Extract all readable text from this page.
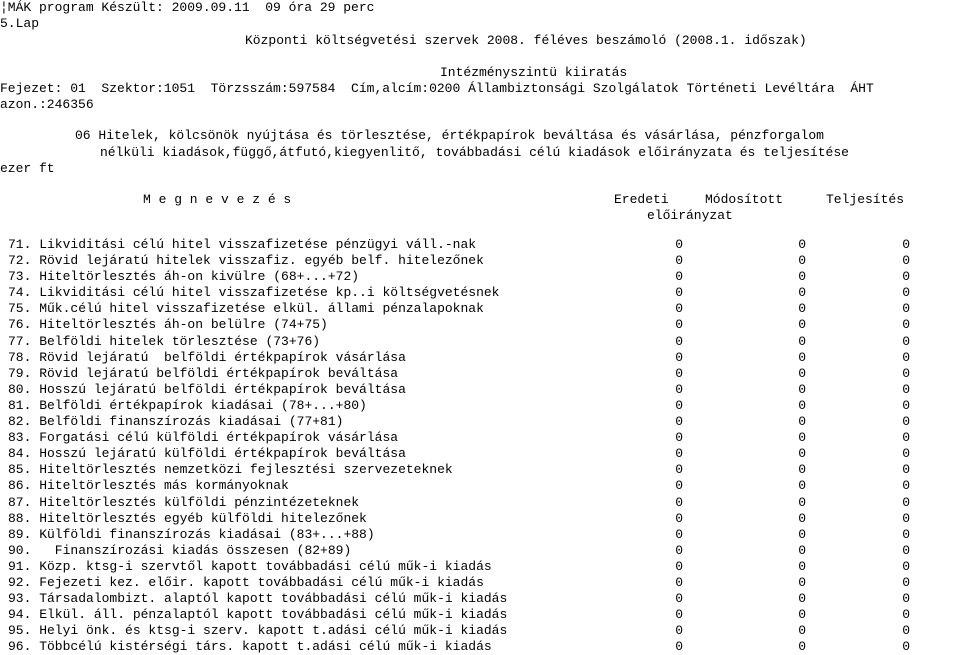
¦MÁK program Készült: 2009.09.11  09 óra 29 perc
5.Lap
Központi költségvetési szervek 2008. féléves beszámoló (2008.1. időszak)
Intézményszintü kiiratás
Fejezet: 01  Szektor:1051  Törzsszám:597584  Cím,alcím:0200 Állambiztonsági Szolgálatok Történeti Levéltára  ÁHT
azon.:246356
06 Hitelek, kölcsönök nyújtása és törlesztése, értékpapírok beváltása és vásárlása, pénzforgalom
nélküli kiadások,függő,átfutó,kiegyenlitő, továbbadási célú kiadások előirányzata és teljesítése
ezer ft
M e g n e v e z é s	Eredeti	Módosított	Teljesítés
előirányzat
71. Likviditási célú hitel visszafizetése pénzügyi váll.-nak	0	0	0
72. Rövid lejáratú hitelek visszafiz. egyéb belf. hitelezőnek	0	0	0
73. Hiteltörlesztés áh-on kivülre (68+...+72)	0	0	0
74. Likviditási célú hitel visszafizetése kp..i költségvetésnek	0	0	0
75. Műk.célú hitel visszafizetése elkül. állami pénzalapoknak	0	0	0
76. Hiteltörlesztés áh-on belülre (74+75)	0	0	0
77. Belföldi hitelek törlesztése (73+76)	0	0	0
78. Rövid lejáratú  belföldi értékpapírok vásárlása	0	0	0
79. Rövid lejáratú belföldi értékpapírok beváltása	0	0	0
80. Hosszú lejáratú belföldi értékpapírok beváltása	0	0	0
81. Belföldi értékpapírok kiadásai (78+...+80)	0	0	0
82. Belföldi finanszírozás kiadásai (77+81)	0	0	0
83. Forgatási célú külföldi értékpapírok vásárlása	0	0	0
84. Hosszú lejáratú külföldi értékpapírok beváltása	0	0	0
85. Hiteltörlesztés nemzetközi fejlesztési szervezeteknek	0	0	0
86. Hiteltörlesztés más kormányoknak	0	0	0
87. Hiteltörlesztés külföldi pénzintézeteknek	0	0	0
88. Hiteltörlesztés egyéb külföldi hitelezőnek	0	0	0
89. Külföldi finanszírozás kiadásai (83+...+88)	0	0	0
90.   Finanszírozási kiadás összesen (82+89)	0	0	0
91. Közp. ktsg-i szervtől kapott továbbadási célú műk-i kiadás	0	0	0
92. Fejezeti kez. előir. kapott továbbadási célú műk-i kiadás	0	0	0
93. Társadalombizt. alaptól kapott továbbadási célú műk-i kiadás	0	0	0
94. Elkül. áll. pénzalaptól kapott továbbadási célú műk-i kiadás	0	0	0
95. Helyi önk. és ktsg-i szerv. kapott t.adási célú műk-i kiadás	0	0	0
96. Többcélú kistérségi társ. kapott t.adási célú műk-i kiadás	0	0	0
